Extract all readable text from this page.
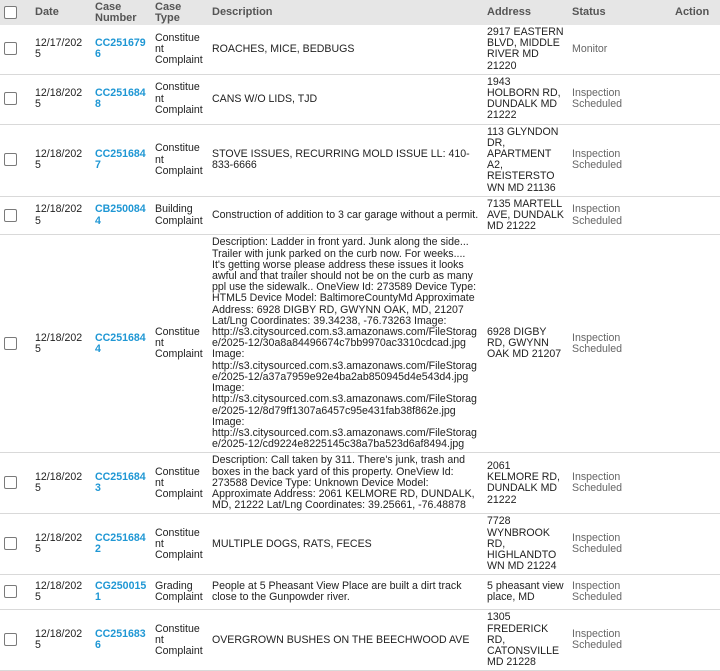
	Date	Case Number	Case Type	Description	Address	Status	Action
	12/17/2025	CC2516796	Constituent Complaint	ROACHES, MICE, BEDBUGS	2917 EASTERN BLVD, MIDDLE RIVER MD 21220	Monitor	
	12/18/2025	CC2516848	Constituent Complaint	CANS W/O LIDS, TJD	1943 HOLBORN RD, DUNDALK MD 21222	Inspection Scheduled	
	12/18/2025	CC2516847	Constituent Complaint	STOVE ISSUES, RECURRING MOLD ISSUE LL: 410-833-6666	113 GLYNDON DR, APARTMENT A2, REISTERSTOWN MD 21136	Inspection Scheduled	
	12/18/2025	CB2500844	Building Complaint	Construction of addition to 3 car garage without a permit.	7135 MARTELL AVE, DUNDALK MD 21222	Inspection Scheduled	
	12/18/2025	CC2516844	Constituent Complaint	Description: Ladder in front yard. Junk along the side... Trailer with junk parked on the curb now. For weeks.... It's getting worse please address these issues it looks awful and that trailer should not be on the curb as many ppl use the sidewalk.. OneView Id: 273589 Device Type: HTML5 Device Model: BaltimoreCountyMd Approximate Address: 6928 DIGBY RD, GWYNN OAK, MD, 21207 Lat/Lng Coordinates: 39.34238, -76.73263 Image: http://s3.citysourced.com.s3.amazonaws.com/FileStorage/2025-12/30a8a84496674c7bb9970ac3310cdcad.jpg Image: http://s3.citysourced.com.s3.amazonaws.com/FileStorage/2025-12/a37a7959e92e4ba2ab850945d4e543d4.jpg Image: http://s3.citysourced.com.s3.amazonaws.com/FileStorage/2025-12/8d79ff1307a6457c95e431fab38f862e.jpg Image: http://s3.citysourced.com.s3.amazonaws.com/FileStorage/2025-12/cd9224e8225145c38a7ba523d6af8494.jpg	6928 DIGBY RD, GWYNN OAK MD 21207	Inspection Scheduled	
	12/18/2025	CC2516843	Constituent Complaint	Description: Call taken by 311. There's junk, trash and boxes in the back yard of this property. OneView Id: 273588 Device Type: Unknown Device Model: Approximate Address: 2061 KELMORE RD, DUNDALK, MD, 21222 Lat/Lng Coordinates: 39.25661, -76.48878	2061 KELMORE RD, DUNDALK MD 21222	Inspection Scheduled	
	12/18/2025	CC2516842	Constituent Complaint	MULTIPLE DOGS, RATS, FECES	7728 WYNBROOK RD, HIGHLANDTOWN MD 21224	Inspection Scheduled	
	12/18/2025	CG2500151	Grading Complaint	People at 5 Pheasant View Place are built a dirt track close to the Gunpowder river.	5 pheasant view place, MD	Inspection Scheduled	
	12/18/2025	CC2516836	Constituent Complaint	OVERGROWN BUSHES ON THE BEECHWOOD AVE	1305 FREDERICK RD, CATONSVILLE MD 21228	Inspection Scheduled	
